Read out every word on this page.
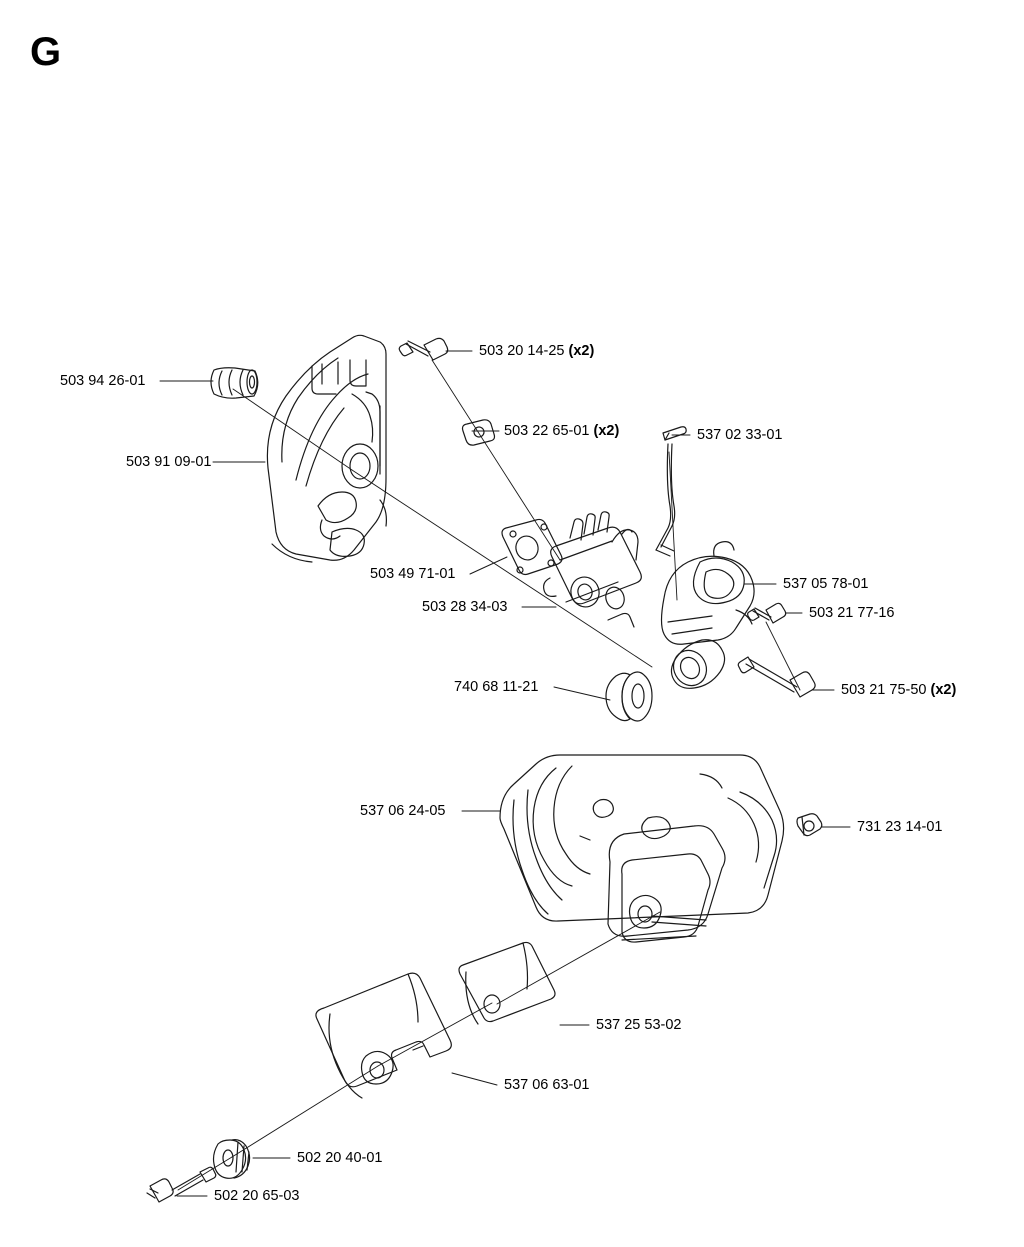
G
503 94 26-01
503 91 09-01
503 20 14-25 (x2)
503 22 65-01 (x2)	537 02 33-01
503 49 71-01
503 28 34-03
537 05 78-01
503 21 77-16
503 21 75-50 (x2)
740 68 11-21
537 06 24-05
731 23 14-01
537 25 53-02
537 06 63-01
502 20 40-01
502 20 65-03
